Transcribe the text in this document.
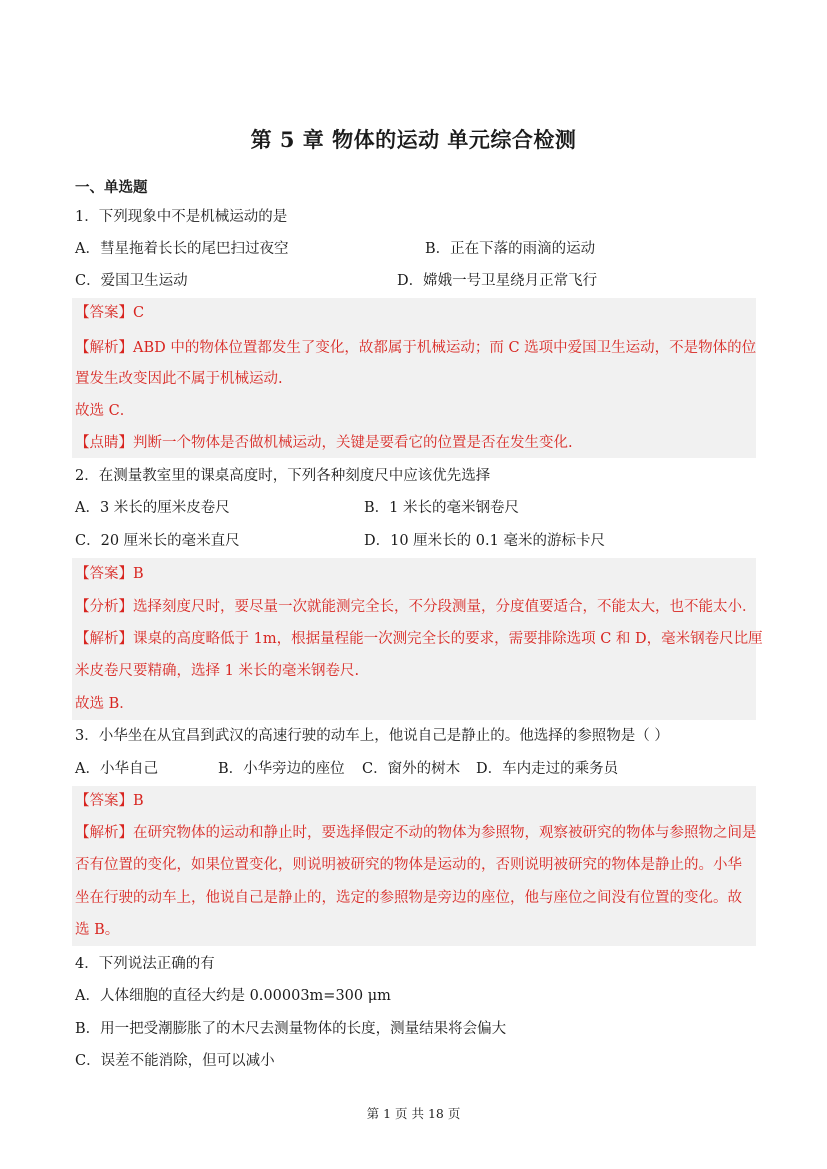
第 5 章 物体的运动 单元综合检测
一、单选题
1．下列现象中不是机械运动的是
A．彗星拖着长长的尾巴扫过夜空	B．正在下落的雨滴的运动
C．爱国卫生运动	D．嫦娥一号卫星绕月正常飞行
【答案】C
【解析】ABD 中的物体位置都发生了变化，故都属于机械运动；而 C 选项中爱国卫生运动，不是物体的位
置发生改变因此不属于机械运动.
故选 C．
【点睛】判断一个物体是否做机械运动，关键是要看它的位置是否在发生变化.
2．在测量教室里的课桌高度时，下列各种刻度尺中应该优先选择
A．3 米长的厘米皮卷尺	B．1 米长的毫米钢卷尺
C．20 厘米长的毫米直尺	D．10 厘米长的 0.1 毫米的游标卡尺
【答案】B
【分析】选择刻度尺时，要尽量一次就能测完全长，不分段测量，分度值要适合，不能太大，也不能太小．
【解析】课桌的高度略低于 1m，根据量程能一次测完全长的要求，需要排除选项 C 和 D，毫米钢卷尺比厘
米皮卷尺要精确，选择 1 米长的毫米钢卷尺.
故选 B．
3．小华坐在从宜昌到武汉的高速行驶的动车上，他说自己是静止的。他选择的参照物是（ ）
A．小华自己	B．小华旁边的座位 C．窗外的树木 D．车内走过的乘务员
【答案】B
【解析】在研究物体的运动和静止时，要选择假定不动的物体为参照物，观察被研究的物体与参照物之间是
否有位置的变化，如果位置变化，则说明被研究的物体是运动的，否则说明被研究的物体是静止的。小华
坐在行驶的动车上，他说自己是静止的，选定的参照物是旁边的座位，他与座位之间没有位置的变化。故
选 B。
4．下列说法正确的有
A．人体细胞的直径大约是 0.00003m=300 μm
B．用一把受潮膨胀了的木尺去测量物体的长度，测量结果将会偏大
C．误差不能消除，但可以减小
第 1 页 共 18 页
